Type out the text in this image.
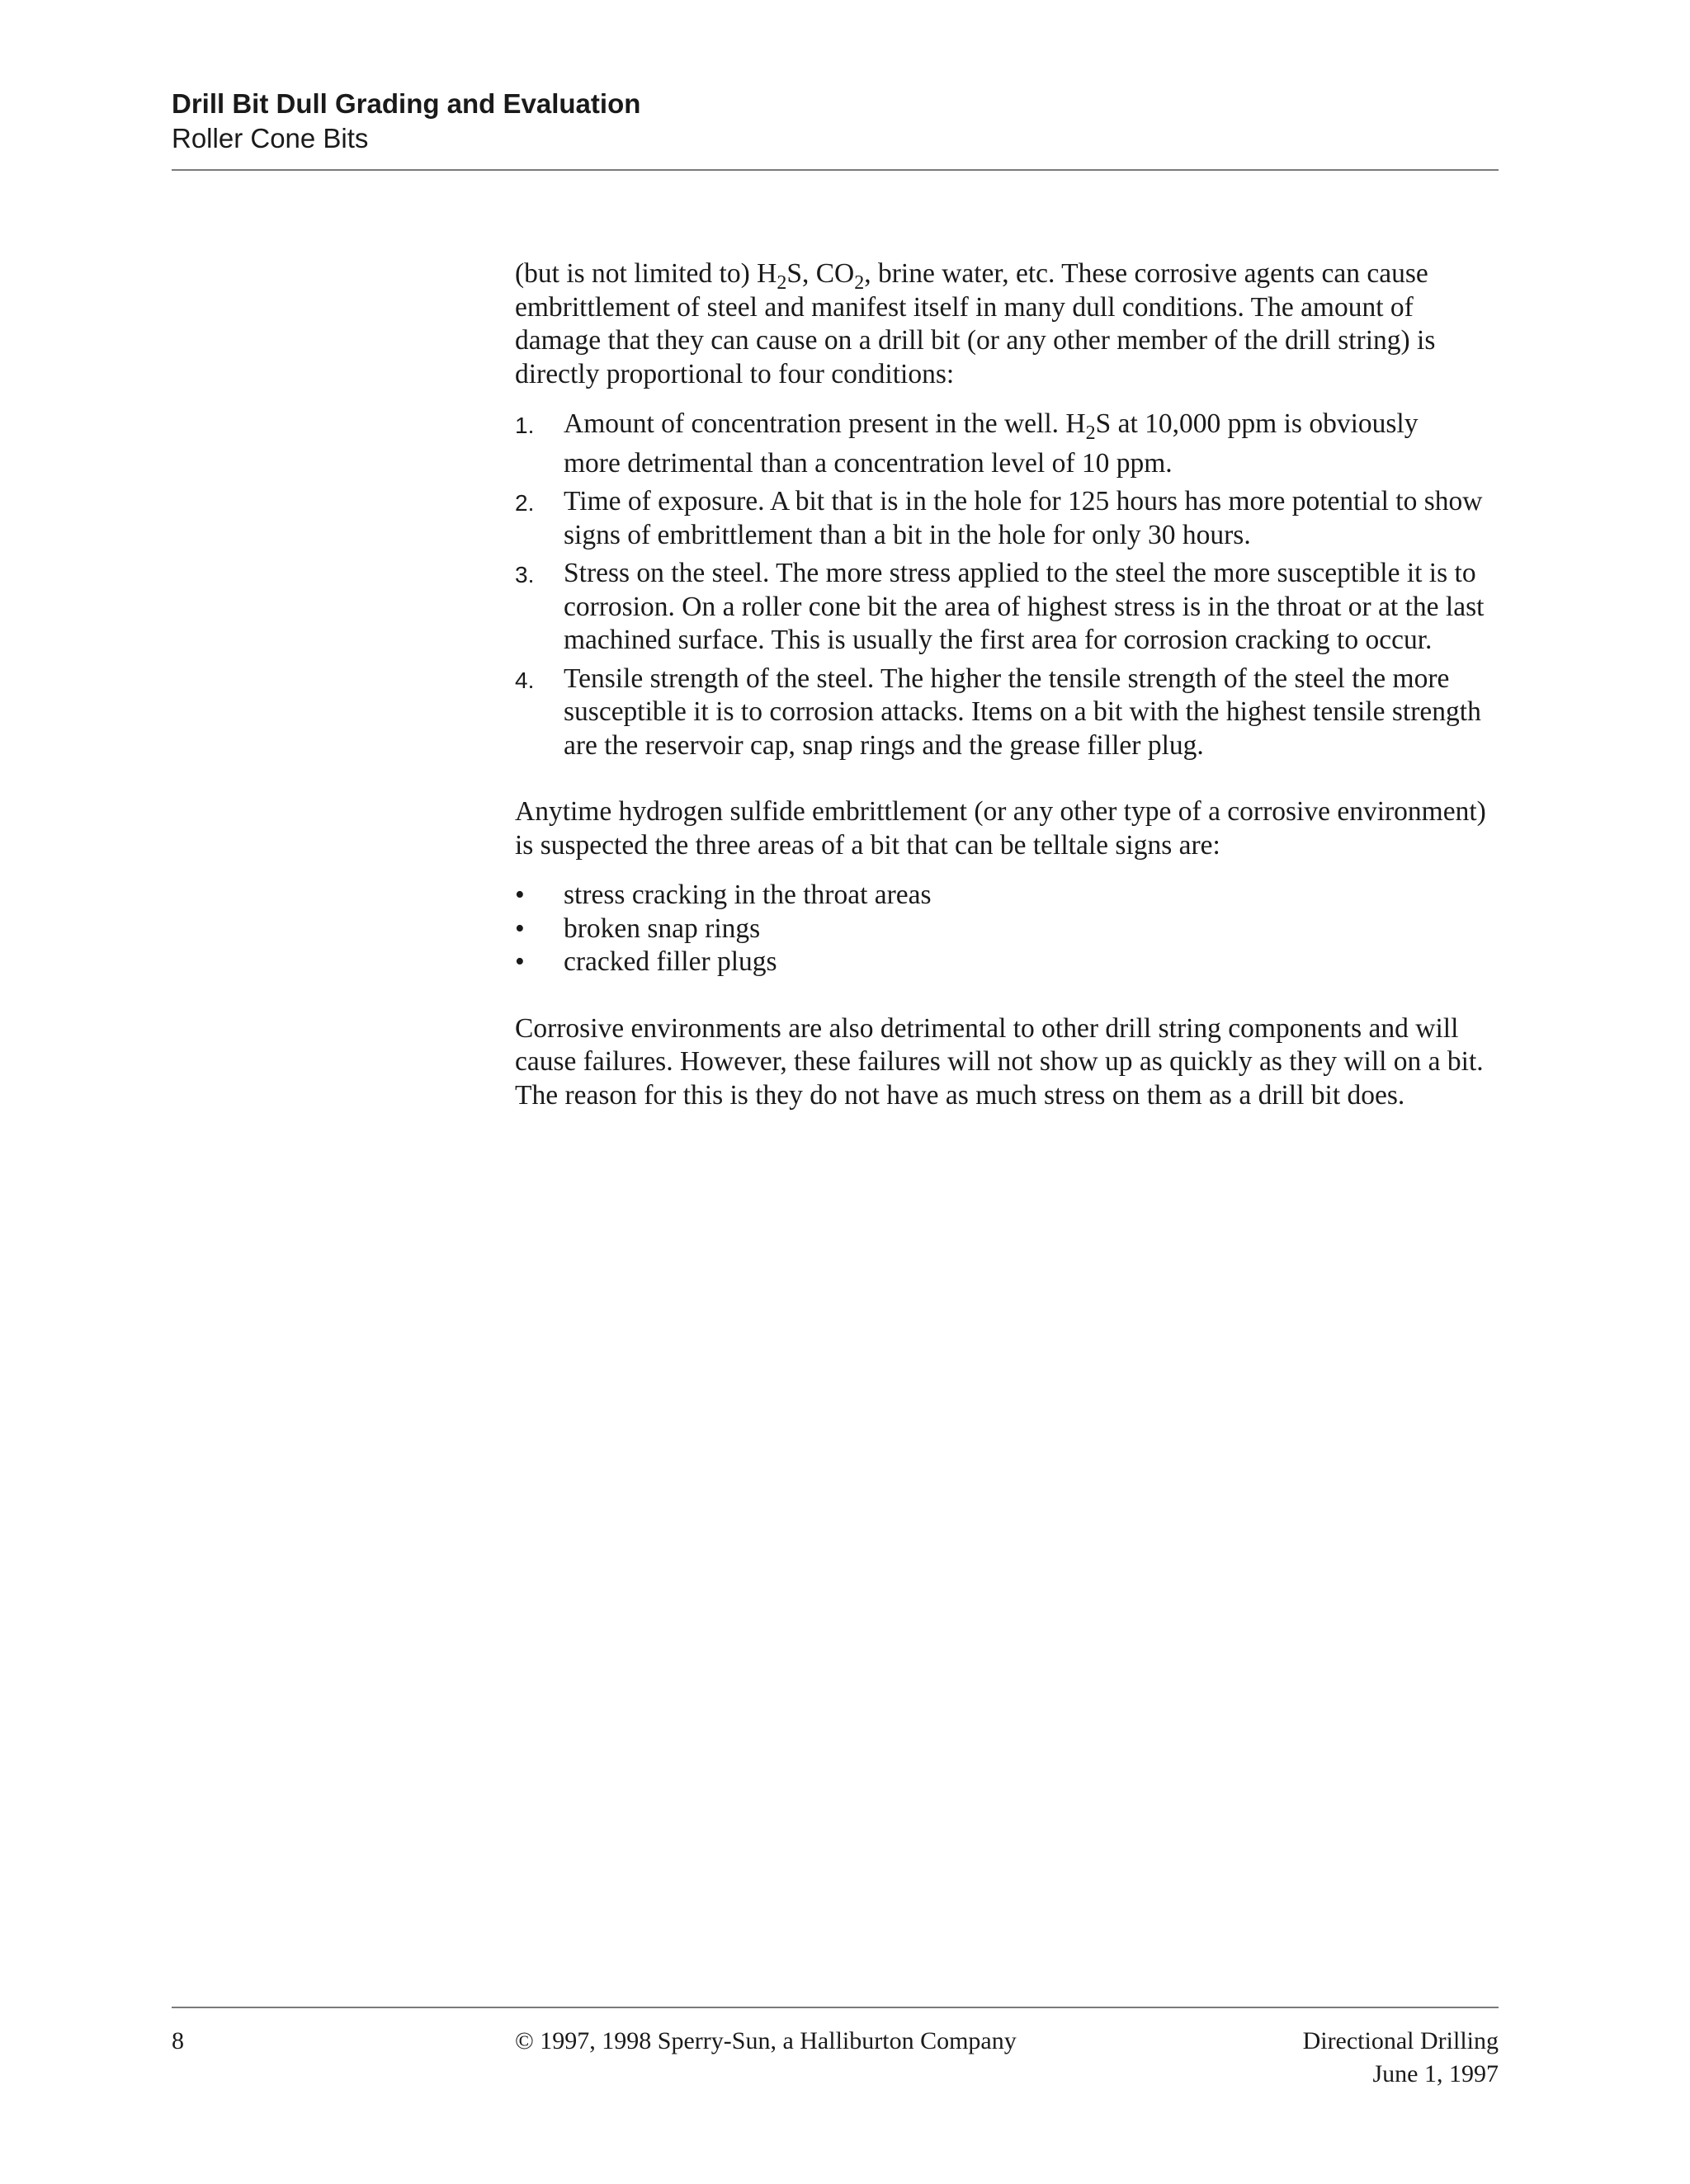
Drill Bit Dull Grading and Evaluation
Roller Cone Bits

(but is not limited to) $H_2S$, $CO_2$, brine water, etc. These corrosive agents can cause embrittlement of steel and manifest itself in many dull conditions. The amount of damage that they can cause on a drill bit (or any other member of the drill string) is directly proportional to four conditions:

1. Amount of concentration present in the well. $H_2S$ at 10,000 ppm is obviously
more detrimental than a concentration level of 10 ppm.
2. Time of exposure. A bit that is in the hole for 125 hours has more potential to show signs of embrittlement than a bit in the hole for only 30 hours.
3. Stress on the steel. The more stress applied to the steel the more susceptible it is to corrosion. On a roller cone bit the area of highest stress is in the throat or at the last machined surface. This is usually the first area for corrosion cracking to occur.
4. Tensile strength of the steel. The higher the tensile strength of the steel the more susceptible it is to corrosion attacks. Items on a bit with the highest tensile strength are the reservoir cap, snap rings and the grease filler plug.

Anytime hydrogen sulfide embrittlement (or any other type of a corrosive environment) is suspected the three areas of a bit that can be telltale signs are:

• stress cracking in the throat areas
• broken snap rings
• cracked filler plugs

Corrosive environments are also detrimental to other drill string components and will cause failures. However, these failures will not show up as quickly as they will on a bit. The reason for this is they do not have as much stress on them as a drill bit does.

8	© 1997, 1998 Sperry-Sun, a Halliburton Company	Directional Drilling
June 1, 1997
